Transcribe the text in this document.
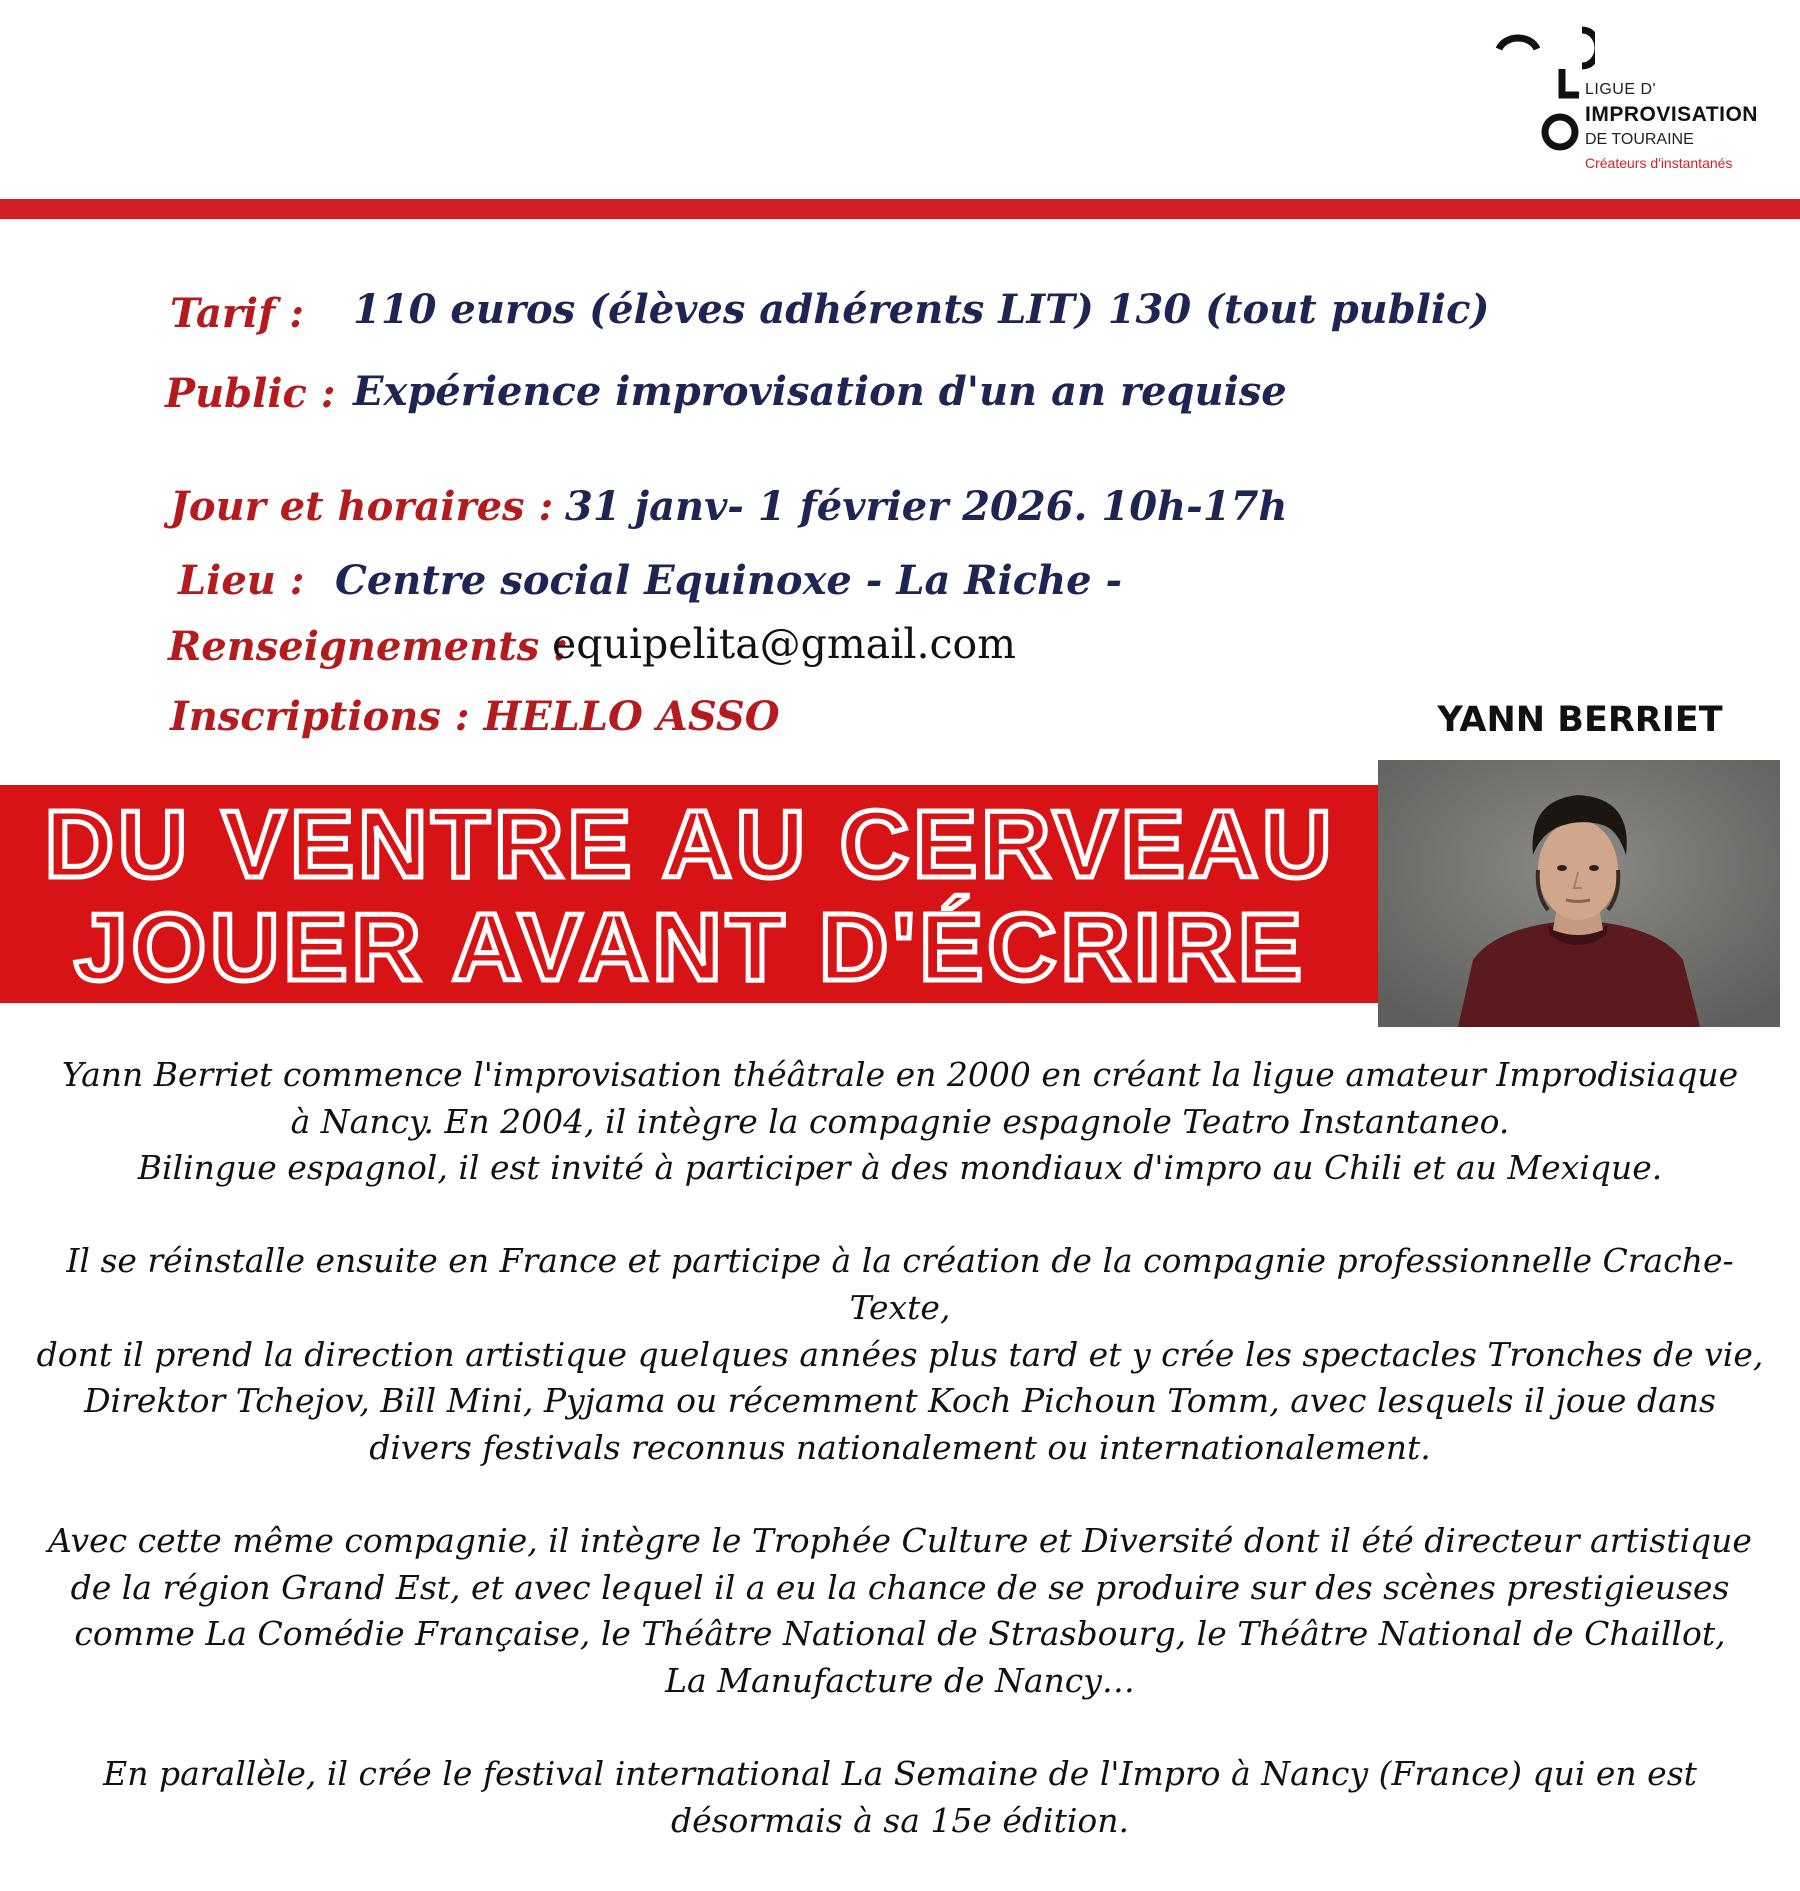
LIGUE D'
IMPROVISATION
DE TOURAINE
Créateurs d'instantanés
Tarif : 110 euros (élèves adhérents LIT) 130 (tout public)
Public : Expérience improvisation d'un an requise
Jour et horaires : 31 janv- 1 février 2026. 10h-17h
Lieu : Centre social Equinoxe - La Riche -
Renseignements :
equipelita@gmail.com
Inscriptions : HELLO ASSO	YANN BERRIET
DU VENTRE AU CERVEAU
JOUER AVANT D'ÉCRIRE

Yann Berriet commence l'improvisation théâtrale en 2000 en créant la ligue amateur Improdisiaque
à Nancy. En 2004, il intègre la compagnie espagnole Teatro Instantaneo.
Bilingue espagnol, il est invité à participer à des mondiaux d'impro au Chili et au Mexique.

Il se réinstalle ensuite en France et participe à la création de la compagnie professionnelle Crache-Texte,
dont il prend la direction artistique quelques années plus tard et y crée les spectacles Tronches de vie,
Direktor Tchejov, Bill Mini, Pyjama ou récemment Koch Pichoun Tomm, avec lesquels il joue dans
divers festivals reconnus nationalement ou internationalement.

Avec cette même compagnie, il intègre le Trophée Culture et Diversité dont il été directeur artistique
de la région Grand Est, et avec lequel il a eu la chance de se produire sur des scènes prestigieuses
comme La Comédie Française, le Théâtre National de Strasbourg, le Théâtre National de Chaillot,
La Manufacture de Nancy…

En parallèle, il crée le festival international La Semaine de l'Impro à Nancy (France) qui en est
désormais à sa 15e édition.
